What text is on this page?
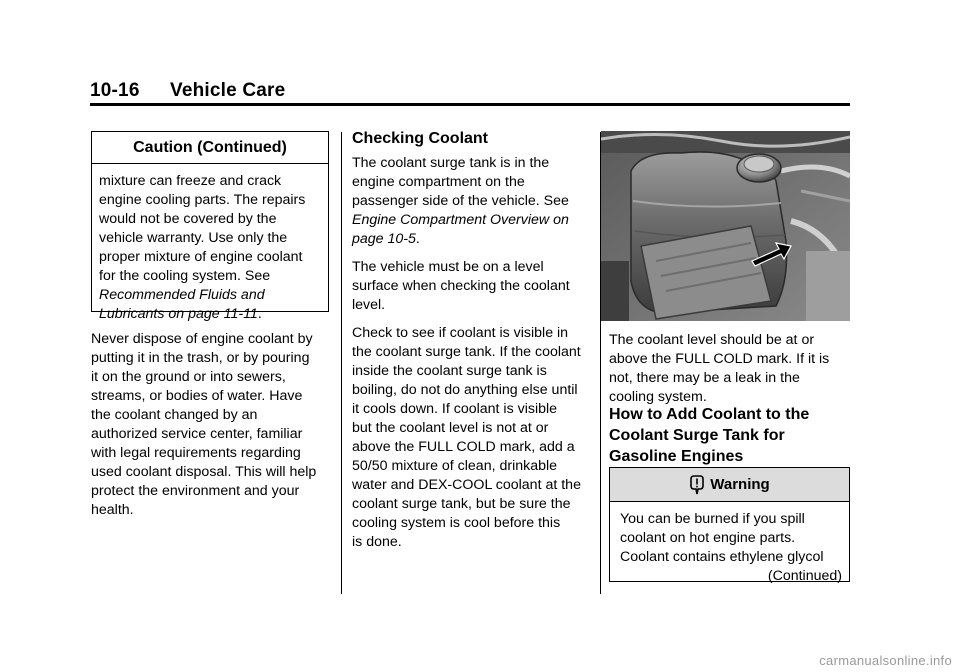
10-16 Vehicle Care
Caution (Continued)
mixture can freeze and crack
engine cooling parts. The repairs
would not be covered by the
vehicle warranty. Use only the
proper mixture of engine coolant
for the cooling system. See
Recommended Fluids and
Lubricants on page 11-11.
Never dispose of engine coolant by
putting it in the trash, or by pouring
it on the ground or into sewers,
streams, or bodies of water. Have
the coolant changed by an
authorized service center, familiar
with legal requirements regarding
used coolant disposal. This will help
protect the environment and your
health.
Checking Coolant

The coolant surge tank is in the
engine compartment on the
passenger side of the vehicle. See
Engine Compartment Overview on
page 10-5.

The vehicle must be on a level
surface when checking the coolant
level.

Check to see if coolant is visible in
the coolant surge tank. If the coolant
inside the coolant surge tank is
boiling, do not do anything else until
it cools down. If coolant is visible
but the coolant level is not at or
above the FULL COLD mark, add a
50/50 mixture of clean, drinkable
water and DEX-COOL coolant at the
coolant surge tank, but be sure the
cooling system is cool before this
is done.

The coolant level should be at or
above the FULL COLD mark. If it is
not, there may be a leak in the
cooling system.
How to Add Coolant to the
Coolant Surge Tank for
Gasoline Engines
Warning
You can be burned if you spill
coolant on hot engine parts.
Coolant contains ethylene glycol
(Continued)
carmanualsonline.info
